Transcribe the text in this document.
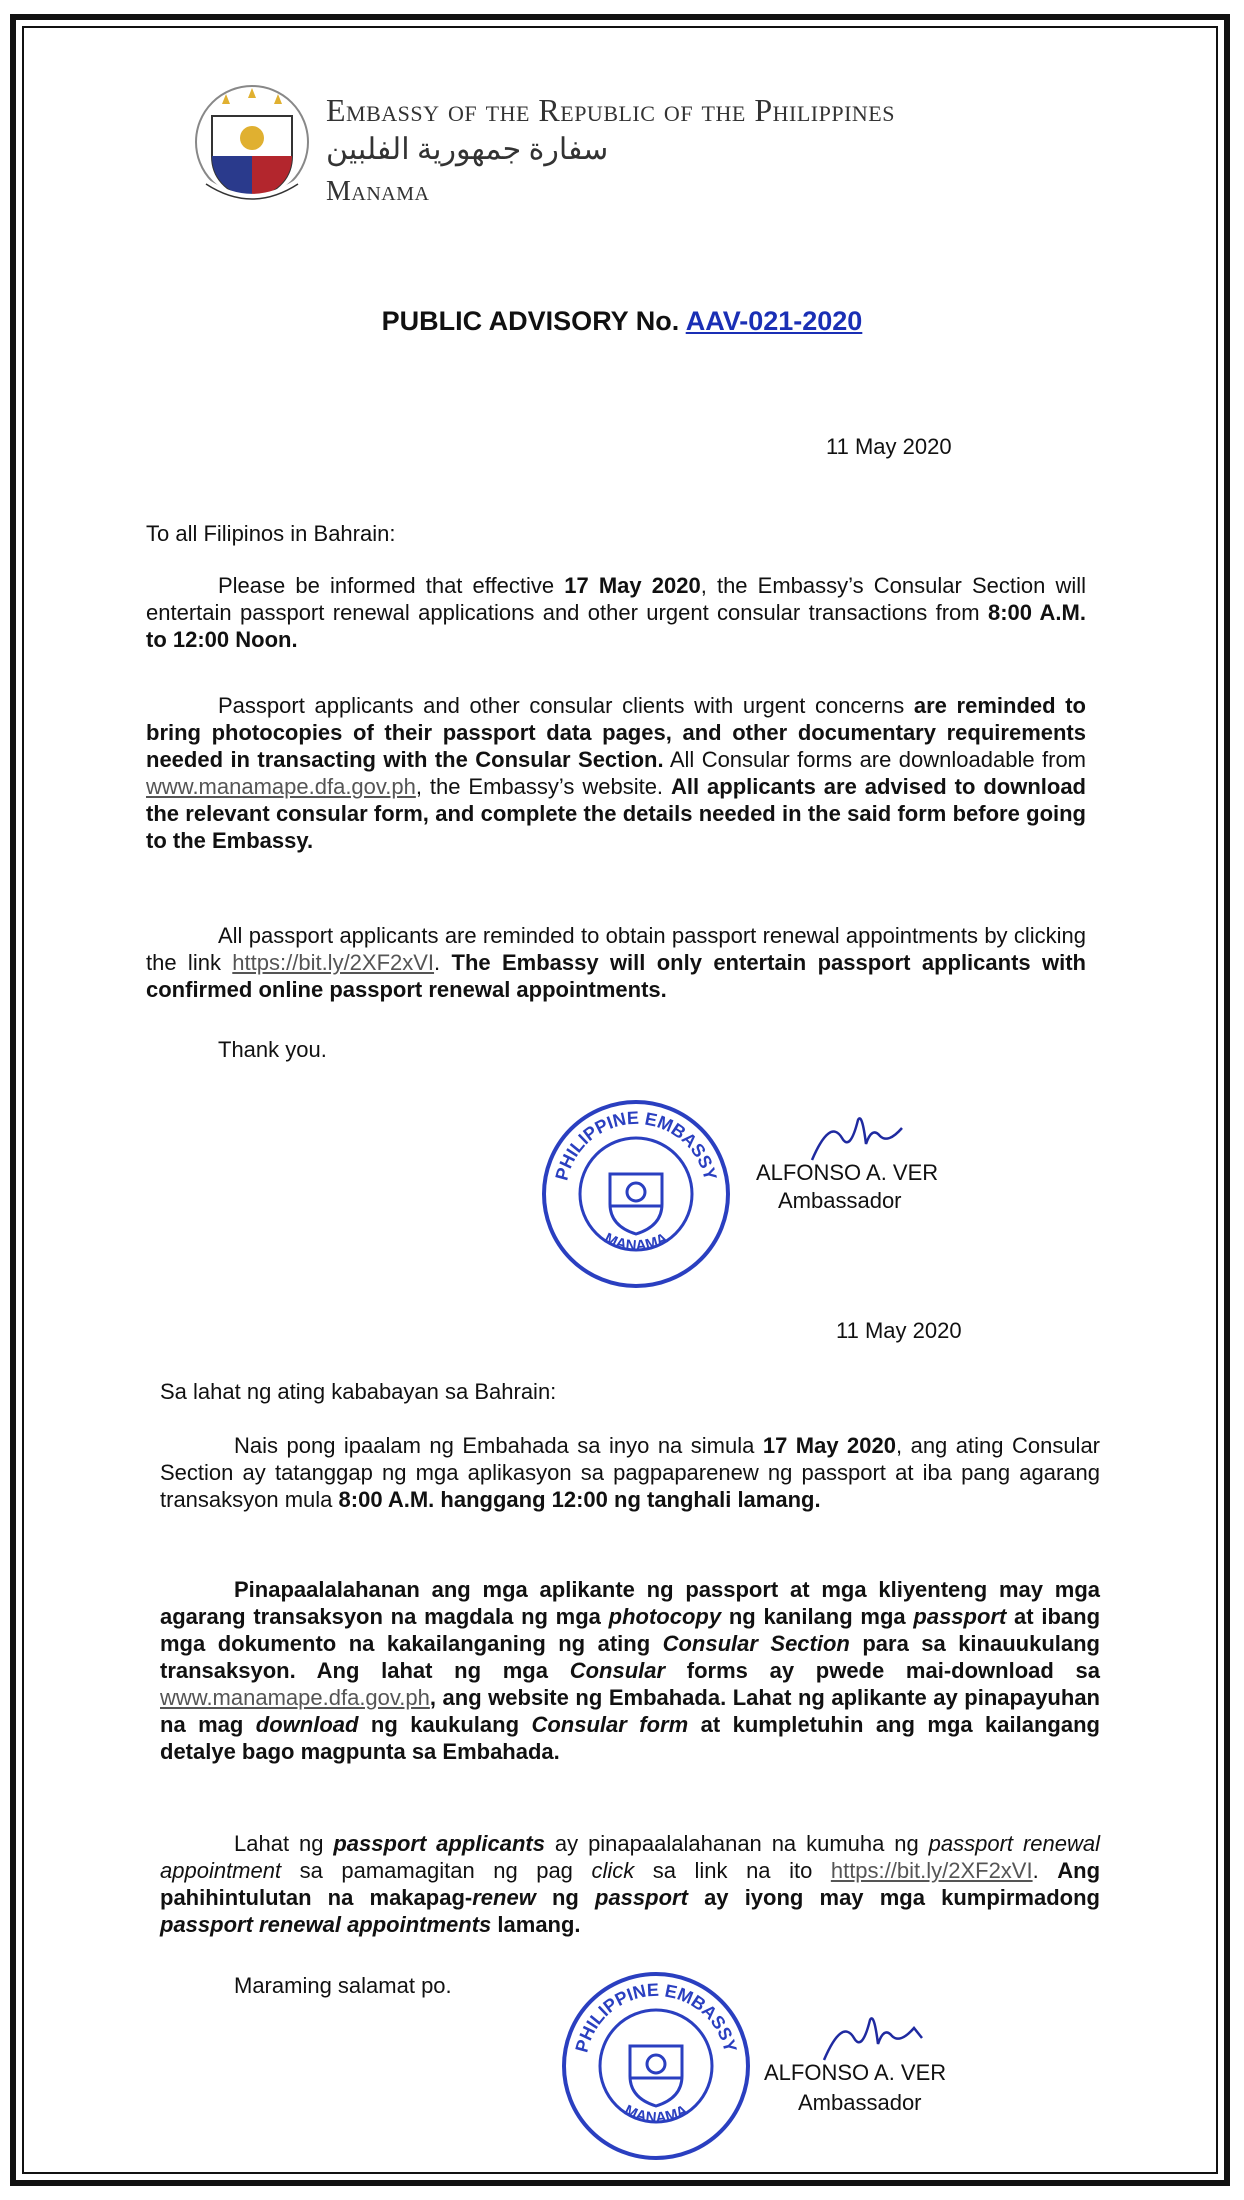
Embassy of the Republic of the Philippines
سفارة جمهورية الفلبين
Manama
PUBLIC ADVISORY No. AAV-021-2020
11 May 2020
To all Filipinos in Bahrain:
Please be informed that effective 17 May 2020, the Embassy’s Consular Section will entertain passport renewal applications and other urgent consular transactions from 8:00 A.M. to 12:00 Noon.
Passport applicants and other consular clients with urgent concerns are reminded to bring photocopies of their passport data pages, and other documentary requirements needed in transacting with the Consular Section. All Consular forms are downloadable from www.manamape.dfa.gov.ph, the Embassy’s website. All applicants are advised to download the relevant consular form, and complete the details needed in the said form before going to the Embassy.
All passport applicants are reminded to obtain passport renewal appointments by clicking the link https://bit.ly/2XF2xVI. The Embassy will only entertain passport applicants with confirmed online passport renewal appointments.
Thank you.
PHILIPPINE EMBASSY
MANAMA
ALFONSO A. VER
Ambassador
11 May 2020
Sa lahat ng ating kababayan sa Bahrain:
Nais pong ipaalam ng Embahada sa inyo na simula 17 May 2020, ang ating Consular Section ay tatanggap ng mga aplikasyon sa pagpaparenew ng passport at iba pang agarang transaksyon mula 8:00 A.M. hanggang 12:00 ng tanghali lamang.
Pinapaalalahanan ang mga aplikante ng passport at mga kliyenteng may mga agarang transaksyon na magdala ng mga photocopy ng kanilang mga passport at ibang mga dokumento na kakailanganing ng ating Consular Section para sa kinauukulang transaksyon. Ang lahat ng mga Consular forms ay pwede mai-download sa www.manamape.dfa.gov.ph, ang website ng Embahada. Lahat ng aplikante ay pinapayuhan na mag download ng kaukulang Consular form at kumpletuhin ang mga kailangang detalye bago magpunta sa Embahada.
Lahat ng passport applicants ay pinapaalalahanan na kumuha ng passport renewal appointment sa pamamagitan ng pag click sa link na ito https://bit.ly/2XF2xVI. Ang pahihintulutan na makapag-renew ng passport ay iyong may mga kumpirmadong passport renewal appointments lamang.
Maraming salamat po.
PHILIPPINE EMBASSY
MANAMA
ALFONSO A. VER
Ambassador
